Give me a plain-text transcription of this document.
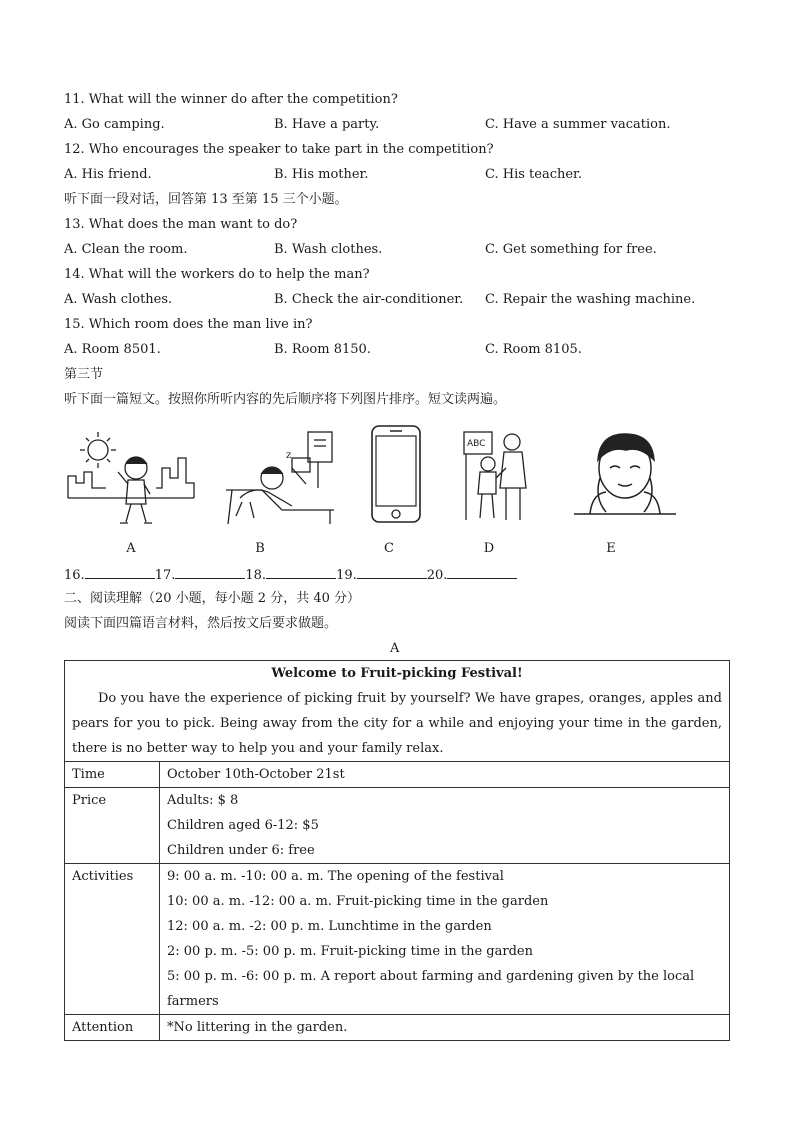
11. What will the winner do after the competition?
A. Go camping.	B. Have a party.	C. Have a summer vacation.
12. Who encourages the speaker to take part in the competition?
A. His friend.	B. His mother.	C. His teacher.
听下面一段对话，回答第 13 至第 15 三个小题。
13. What does the man want to do?
A. Clean the room.	B. Wash clothes.	C. Get something for free.
14. What will the workers do to help the man?
A. Wash clothes.	B. Check the air-conditioner. C. Repair the washing machine.
15. Which room does the man live in?
A. Room 8501.	B. Room 8150.	C. Room 8105.
第三节
听下面一篇短文。按照你所听内容的先后顺序将下列图片排序。短文读两遍。
z
ABC
A	B	C	D	E
16.	17.	18.	19.	20.
二、阅读理解（20 小题，每小题 2 分，共 40 分）
阅读下面四篇语言材料，然后按文后要求做题。
A
Welcome to Fruit-picking Festival!
Do you have the experience of picking fruit by yourself? We have grapes, oranges, apples and pears for you to pick. Being away from the city for a while and enjoying your time in the garden, there is no better way to help you and your family relax.	

Time	October 10th-October 21st
Price	Adults: $ 8
Children aged 6-12: $5
Children under 6: free

Activities	9: 00 a. m. -10: 00 a. m. The opening of the festival
10: 00 a. m. -12: 00 a. m. Fruit-picking time in the garden
12: 00 a. m. -2: 00 p. m. Lunchtime in the garden
2: 00 p. m. -5: 00 p. m. Fruit-picking time in the garden
5: 00 p. m. -6: 00 p. m. A report about farming and gardening given by the local farmers

Attention	*No littering in the garden.
